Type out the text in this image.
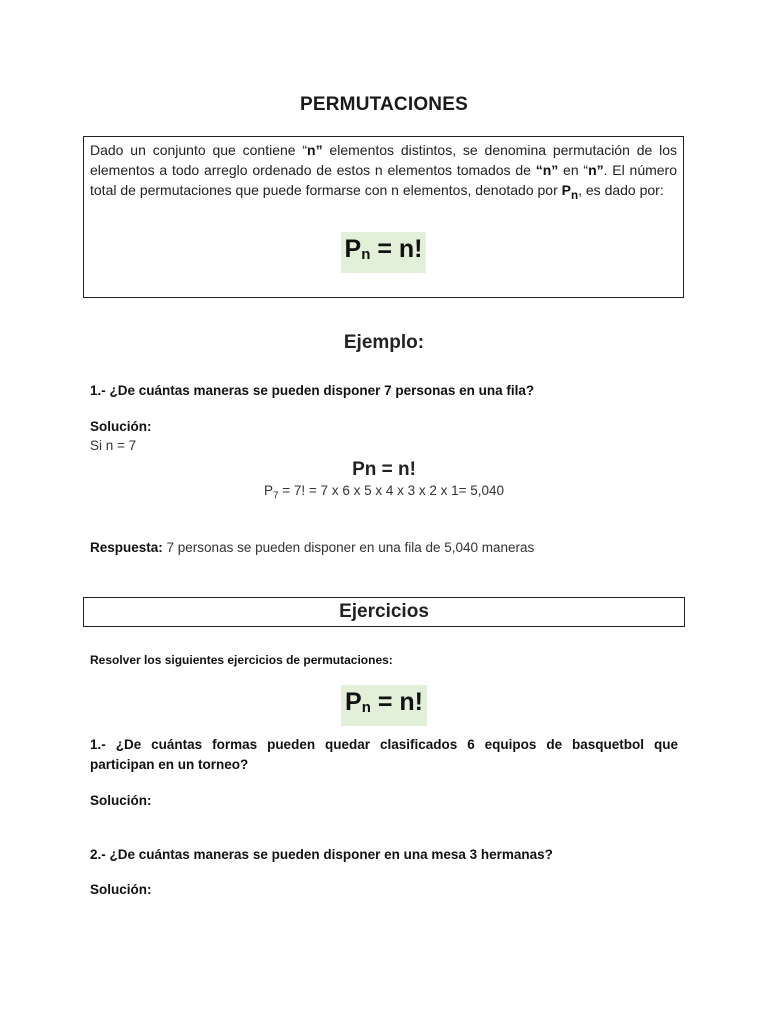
PERMUTACIONES
Dado un conjunto que contiene “n” elementos distintos, se denomina permutación de los elementos a todo arreglo ordenado de estos n elementos tomados de “n” en “n”. El número total de permutaciones que puede formarse con n elementos, denotado por $P_n$, es dado por:
$P_n = n$!
Ejemplo:
1.- ¿De cuántas maneras se pueden disponer 7 personas en una fila?
Solución:
Si n = 7
Pn = n!
$P_7 = 7$! = 7 x 6 x 5 x 4 x 3 x 2 x 1= 5,040
Respuesta: 7 personas se pueden disponer en una fila de 5,040 maneras
Ejercicios
Resolver los siguientes ejercicios de permutaciones:
$P_n = n$!
1.- ¿De cuántas formas pueden quedar clasificados 6 equipos de basquetbol que participan en un torneo?
Solución:
2.- ¿De cuántas maneras se pueden disponer en una mesa 3 hermanas?
Solución:
